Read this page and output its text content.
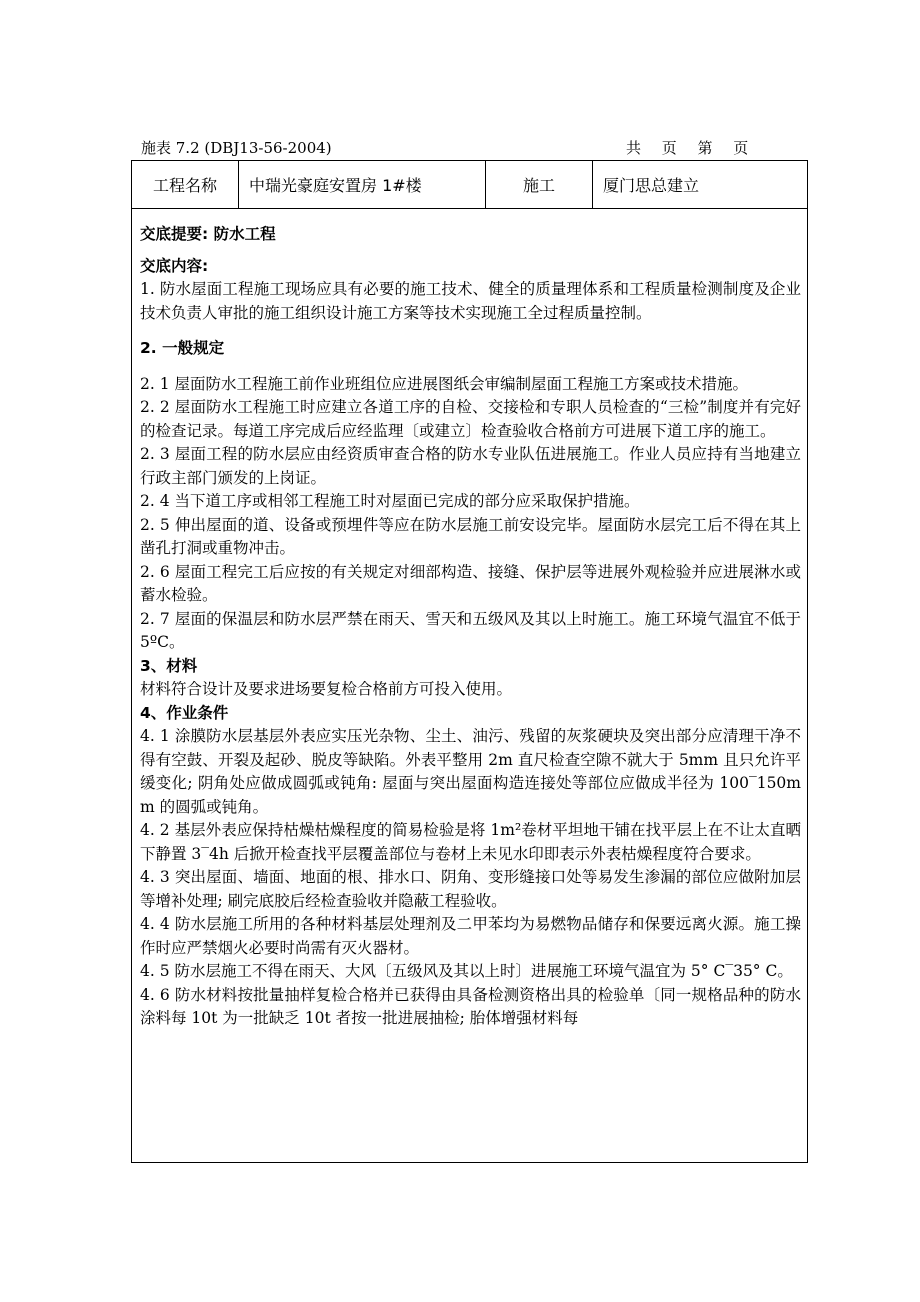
施表 7.2 (DBJ13-56-2004)	共 页 第 页
工程名称	中瑞光豪庭安置房 1#楼	施工	厦门思总建立

交底提要: 防水工程

交底内容:

1. 防水屋面工程施工现场应具有必要的施工技术、健全的质量理体系和工程质量检测制度及企业技术负责人审批的施工组织设计施工方案等技术实现施工全过程质量控制。

2. 一般规定

2. 1 屋面防水工程施工前作业班组位应进展图纸会审编制屋面工程施工方案或技术措施。

2. 2 屋面防水工程施工时应建立各道工序的自检、交接检和专职人员检查的“三检”制度并有完好的检查记录。每道工序完成后应经监理〔或建立〕检查验收合格前方可进展下道工序的施工。

2. 3 屋面工程的防水层应由经资质审查合格的防水专业队伍进展施工。作业人员应持有当地建立行政主部门颁发的上岗证。

2. 4 当下道工序或相邻工程施工时对屋面已完成的部分应采取保护措施。

2. 5 伸出屋面的道、设备或预埋件等应在防水层施工前安设完毕。屋面防水层完工后不得在其上凿孔打洞或重物冲击。

2. 6 屋面工程完工后应按的有关规定对细部构造、接缝、保护层等进展外观检验并应进展淋水或蓄水检验。

2. 7 屋面的保温层和防水层严禁在雨天、雪天和五级风及其以上时施工。施工环境气温宜不低于 5ºC。

3、材料

材料符合设计及要求进场要复检合格前方可投入使用。

4、作业条件

4. 1 涂膜防水层基层外表应实压光杂物、尘土、油污、残留的灰浆硬块及突出部分应清理干净不得有空鼓、开裂及起砂、脱皮等缺陷。外表平整用 2m 直尺检查空隙不就大于 5mm 且只允许平缓变化; 阴角处应做成圆弧或钝角: 屋面与突出屋面构造连接处等部位应做成半径为 100‾150mm 的圆弧或钝角。

4. 2 基层外表应保持枯燥枯燥程度的简易检验是将 1m²卷材平坦地干铺在找平层上在不让太直晒下静置 3‾4h 后掀开检查找平层覆盖部位与卷材上未见水印即表示外表枯燥程度符合要求。

4. 3 突出屋面、墙面、地面的根、排水口、阴角、变形缝接口处等易发生渗漏的部位应做附加层等增补处理; 刷完底胶后经检查验收并隐蔽工程验收。

4. 4 防水层施工所用的各种材料基层处理剂及二甲苯均为易燃物品储存和保要远离火源。施工操作时应严禁烟火必要时尚需有灭火器材。

4. 5 防水层施工不得在雨天、大风〔五级风及其以上时〕进展施工环境气温宜为 5° C‾35° C。

4. 6 防水材料按批量抽样复检合格并已获得由具备检测资格出具的检验单〔同一规格品种的防水涂料每 10t 为一批缺乏 10t 者按一批进展抽检; 胎体增强材料每
